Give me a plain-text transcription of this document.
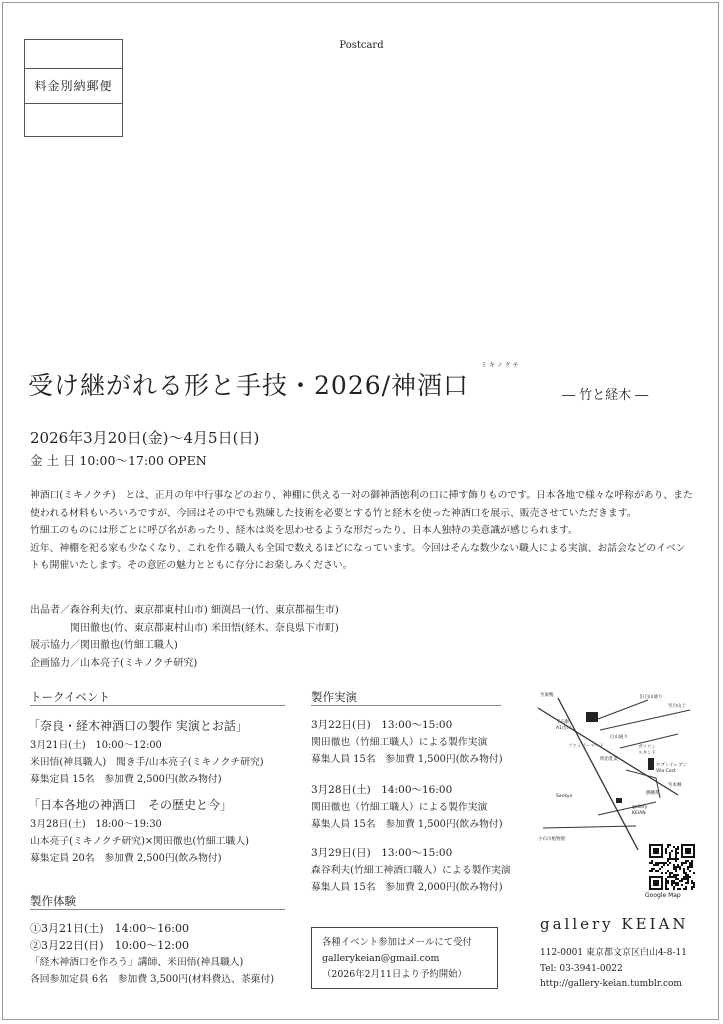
料金別納郵便
Postcard
受け継がれる形と手技・2026/神酒口
ミキノクチ
― 竹と経木 ―
2026年3月20日(金)～4月5日(日)
金 土 日 10:00～17:00 OPEN

神酒口(ミキノクチ)　とは、正月の年中行事などのおり、神棚に供える一対の御神酒徳利の口に挿す飾りものです。日本各地で様々な呼称があり、また使われる材料もいろいろですが、今回はその中でも熟練した技術を必要とする竹と経木を使った神酒口を展示、販売させていただきます。

竹細工のものには形ごとに呼び名があったり、経木は炎を思わせるような形だったり、日本人独特の美意識が感じられます。

近年、神棚を祀る家も少なくなり、これを作る職人も全国で数えるほどになっています。今回はそんな数少ない職人による実演、お話会などのイベントも開催いたします。その意匠の魅力とともに存分にお楽しみください。

出品者／森谷利夫(竹、東京都東村山市) 細渕昌一(竹、東京都福生市)
　　　　関田徹也(竹、東京都東村山市) 米田悟(経木、奈良県下市町)
展示協力／関田徹也(竹細工職人)
企画協力／山本亮子(ミキノクチ研究)
トークイベント
「奈良・経木神酒口の製作 実演とお話」
3月21日(土)　10:00～12:00
米田悟(神具職人)　聞き手/山本亮子(ミキノクチ研究)
募集定員 15名　参加費 2,500円(飲み物付)
「日本各地の神酒口　その歴史と今」
3月28日(土)　18:00～19:30
山本亮子(ミキノクチ研究)×関田徹也(竹細工職人)
募集定員 20名　参加費 2,500円(飲み物付)
製作体験
①3月21日(土)　14:00～16:00
②3月22日(日)　10:00～12:00
「経木神酒口を作ろう」講師、米田悟(神具職人)
各回参加定員 6名　参加費 3,500円(材料費込、茶菓付)
製作実演
3月22日(日)　13:00～15:00
関田徹也（竹細工職人）による製作実演
募集人員 15名　参加費 1,500円(飲み物付)
3月28日(土)　14:00～16:00
関田徹也（竹細工職人）による製作実演
募集人員 15名　参加費 1,500円(飲み物付)
3月29日(日)　13:00～15:00
森谷利夫(竹細工神酒口職人）による製作実演
募集人員 15名　参加費 2,000円(飲み物付)
各種イベント参加はメールにて受付
gallerykeian@gmail.com
（2026年2月11日より予約開始）
至巣鴨	旧白山通り
至白山上
千石駅
A1出口
白山通り
ファミリーマート	ガソリン
スタンド
明治乳業
セブンイレブン
Vilo Cost
至本郷
Sankyo
勝幡苑
gallery
KEIAN
小石川植物園
Google Map
gallery KEIAN
112-0001 東京都文京区白山4-8-11
Tel: 03-3941-0022
http://gallery-keian.tumblr.com
